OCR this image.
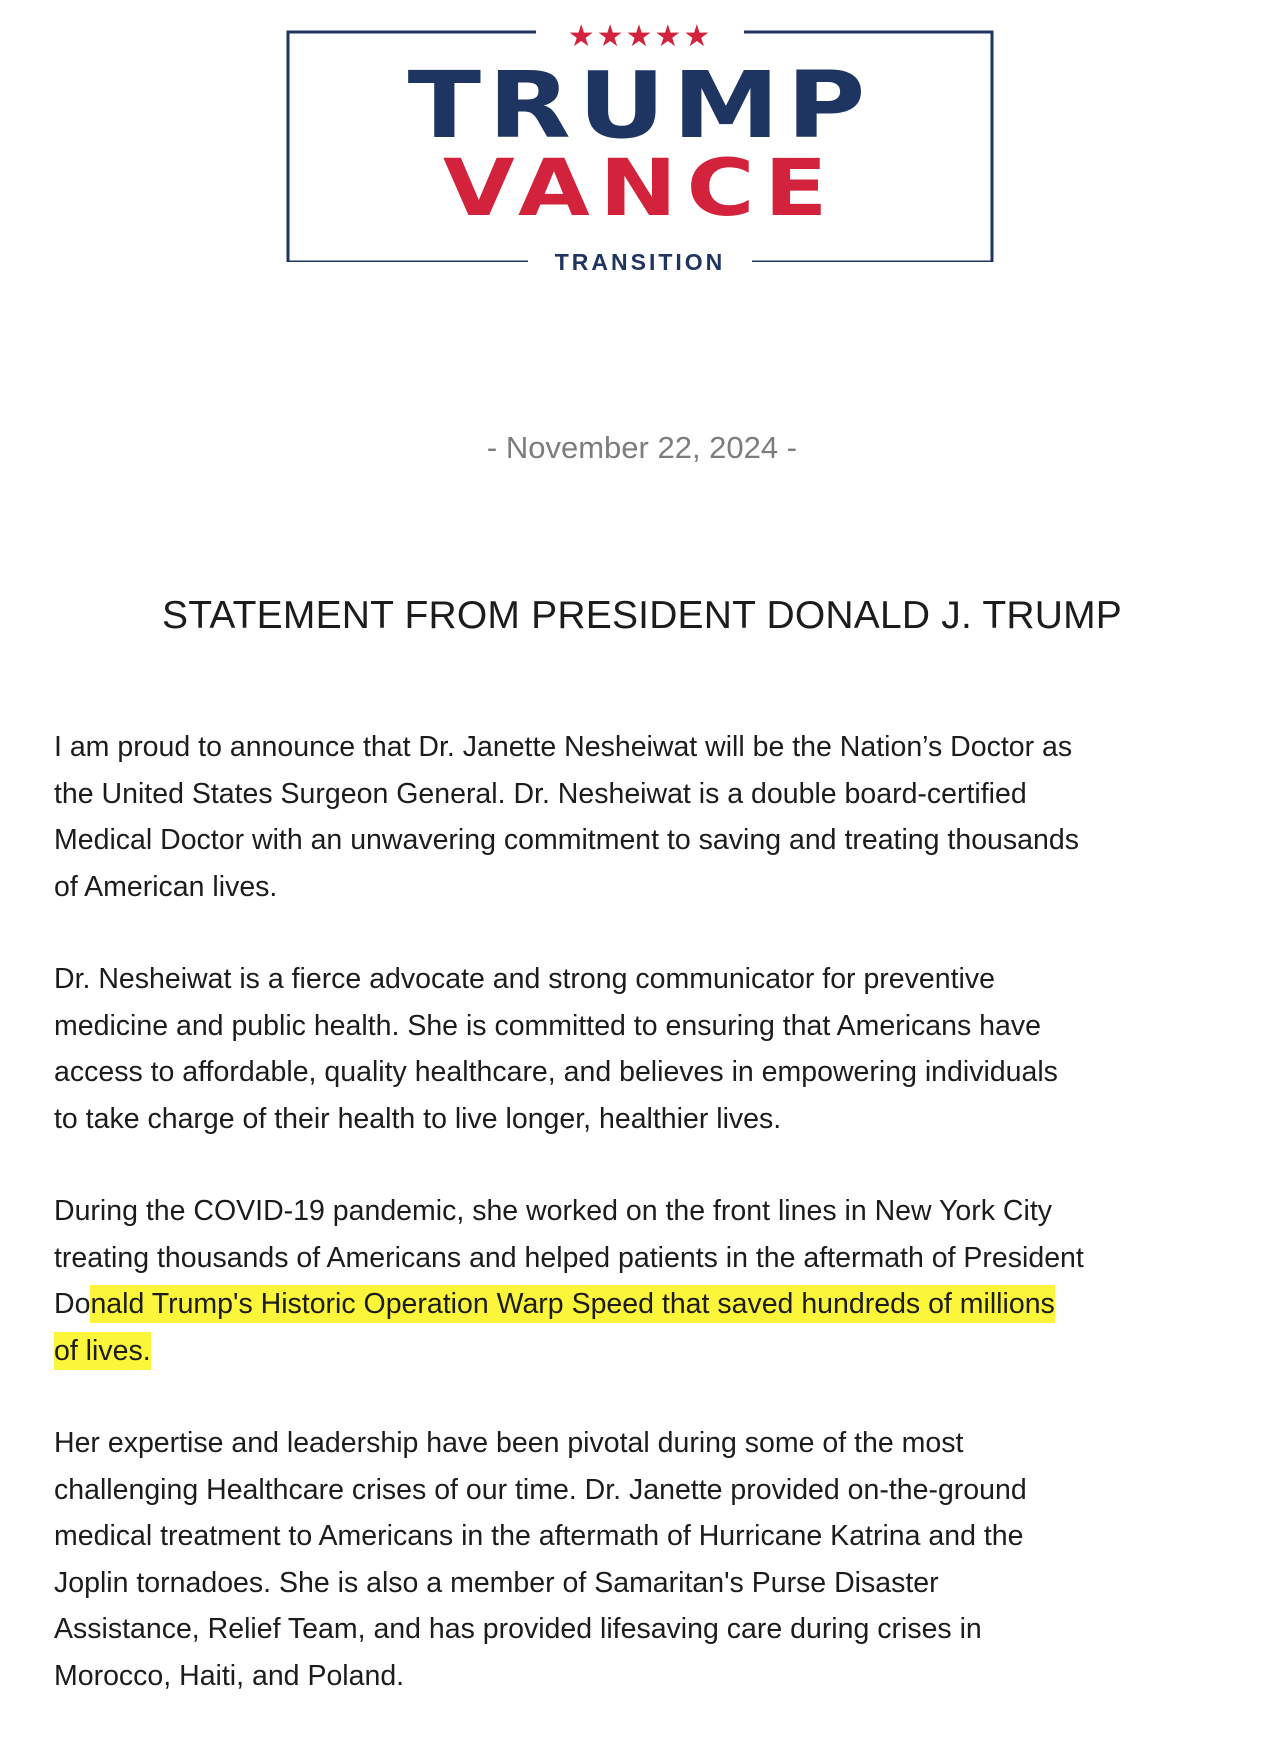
★★★★★
TRUMP
VANCE
TRANSITION
- November 22, 2024 -
STATEMENT FROM PRESIDENT DONALD J. TRUMP

I am proud to announce that Dr. Janette Nesheiwat will be the Nation’s Doctor as
the United States Surgeon General. Dr. Nesheiwat is a double board-certified
Medical Doctor with an unwavering commitment to saving and treating thousands
of American lives.

Dr. Nesheiwat is a fierce advocate and strong communicator for preventive
medicine and public health. She is committed to ensuring that Americans have
access to affordable, quality healthcare, and believes in empowering individuals
to take charge of their health to live longer, healthier lives.

During the COVID-19 pandemic, she worked on the front lines in New York City
treating thousands of Americans and helped patients in the aftermath of President
Donald Trump's Historic Operation Warp Speed that saved hundreds of millions
of lives.

Her expertise and leadership have been pivotal during some of the most
challenging Healthcare crises of our time. Dr. Janette provided on-the-ground
medical treatment to Americans in the aftermath of Hurricane Katrina and the
Joplin tornadoes. She is also a member of Samaritan's Purse Disaster
Assistance, Relief Team, and has provided lifesaving care during crises in
Morocco, Haiti, and Poland.
